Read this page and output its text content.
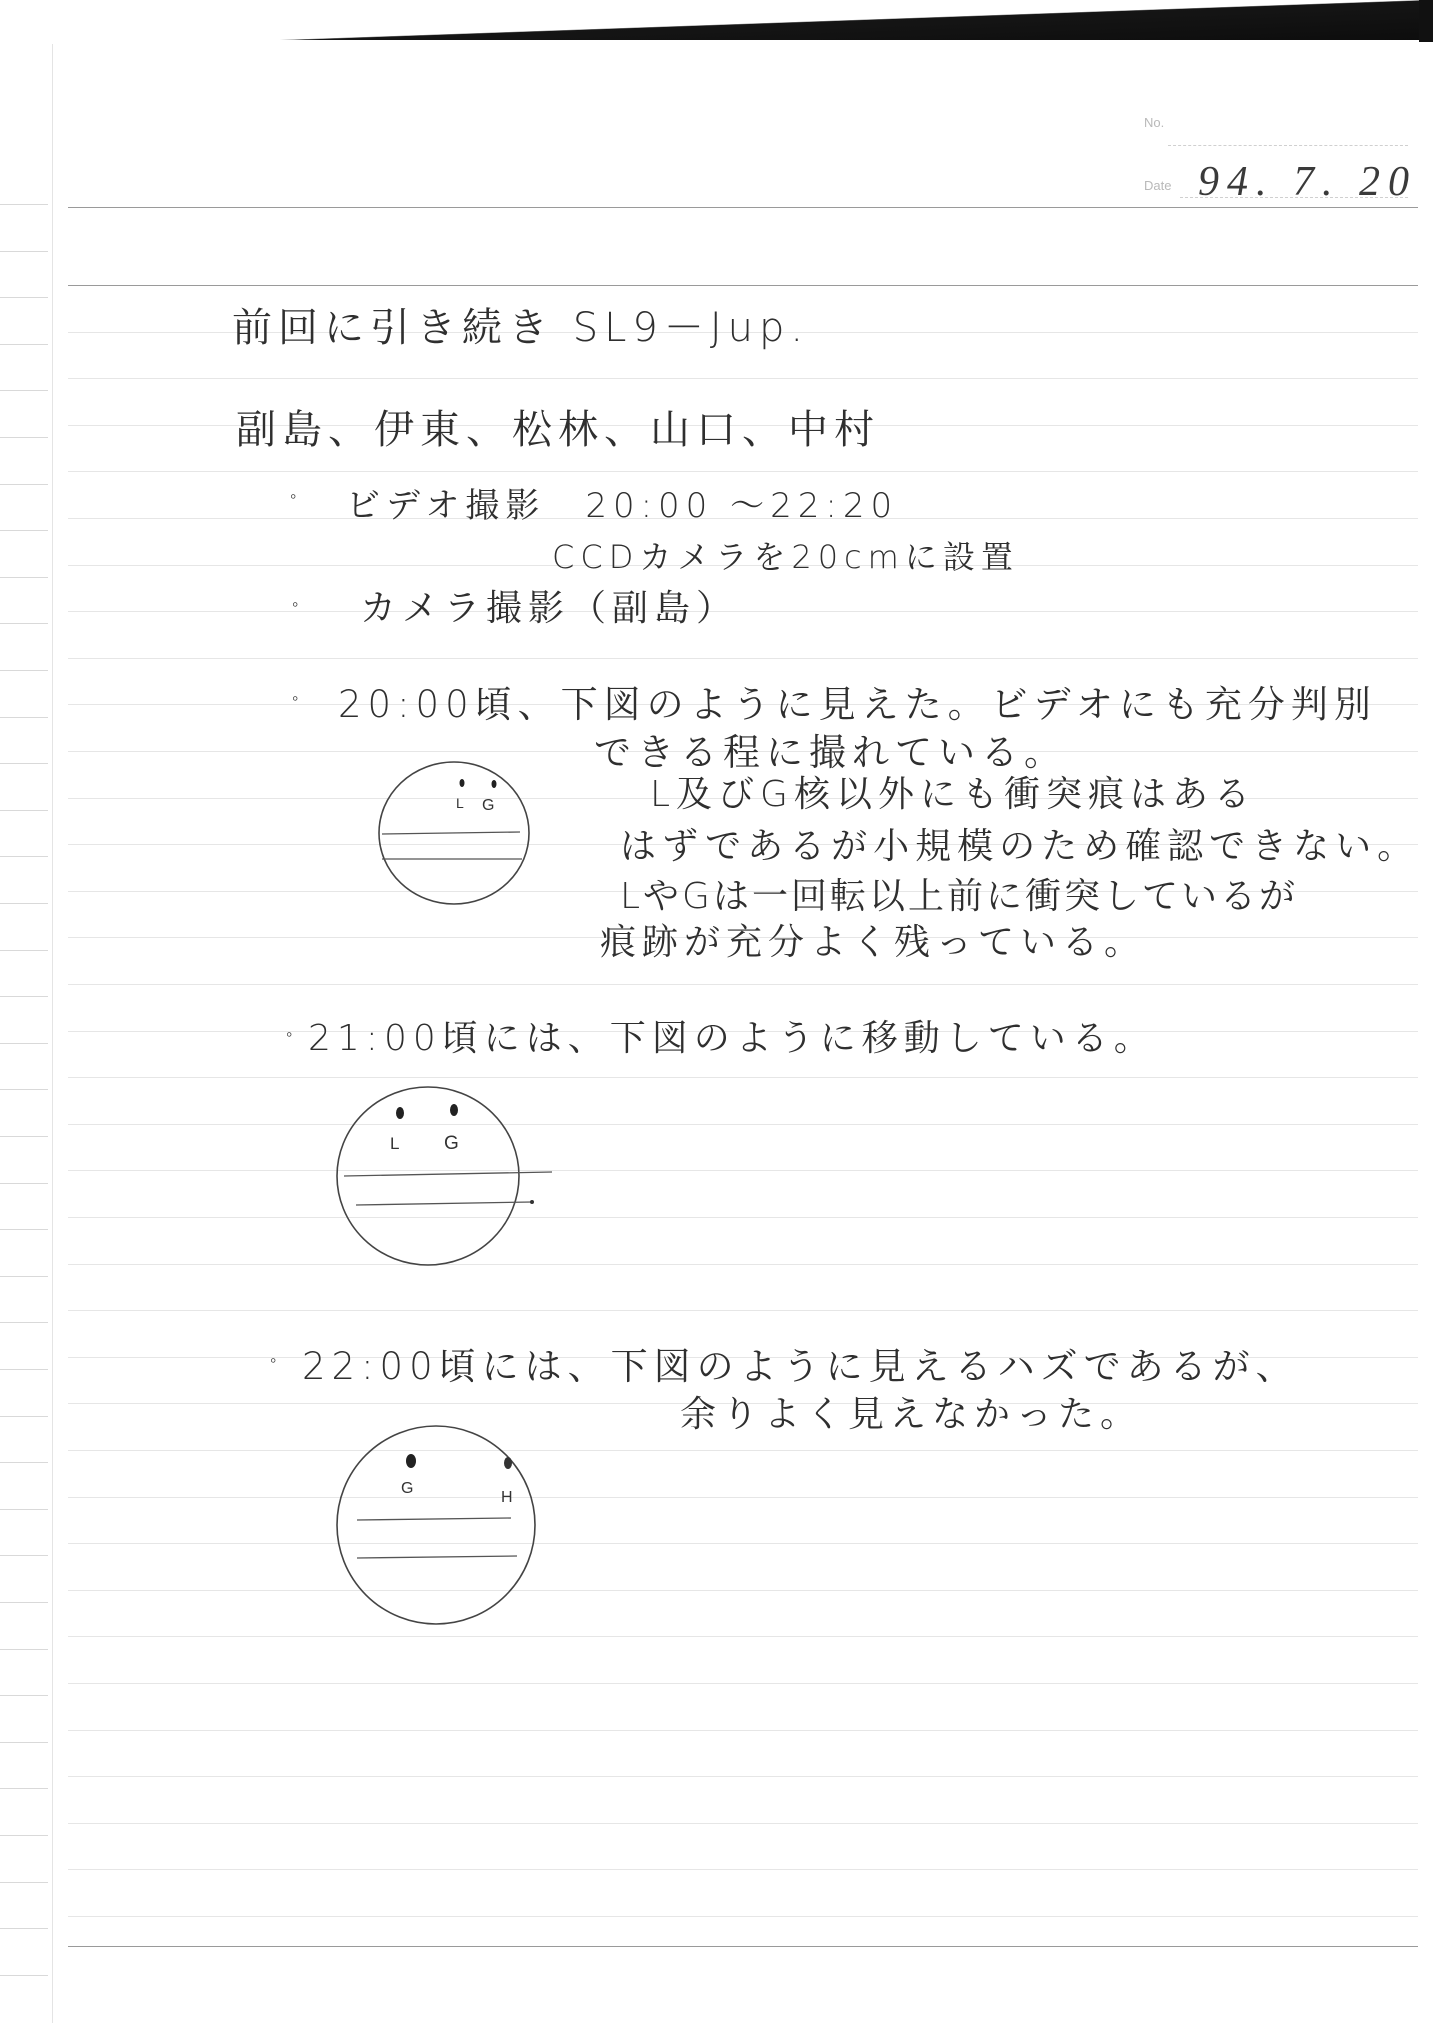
No.
Date 94. 7. 20
前回に引き続き SL9－Jup.
副島、伊東、松林、山口、中村
◦ ビデオ撮影　20:00 ～22:20
CCDカメラを20cmに設置
◦ カメラ撮影（副島）
◦ 20:00頃、下図のように見えた。ビデオにも充分判別
できる程に撮れている。
L及びG核以外にも衝突痕はある
はずであるが小規模のため確認できない。
LやGは一回転以上前に衝突しているが
痕跡が充分よく残っている。
◦ 21:00頃には、下図のように移動している。
◦ 22:00頃には、下図のように見えるハズであるが、
余りよく見えなかった。
L G
L G
G
H
